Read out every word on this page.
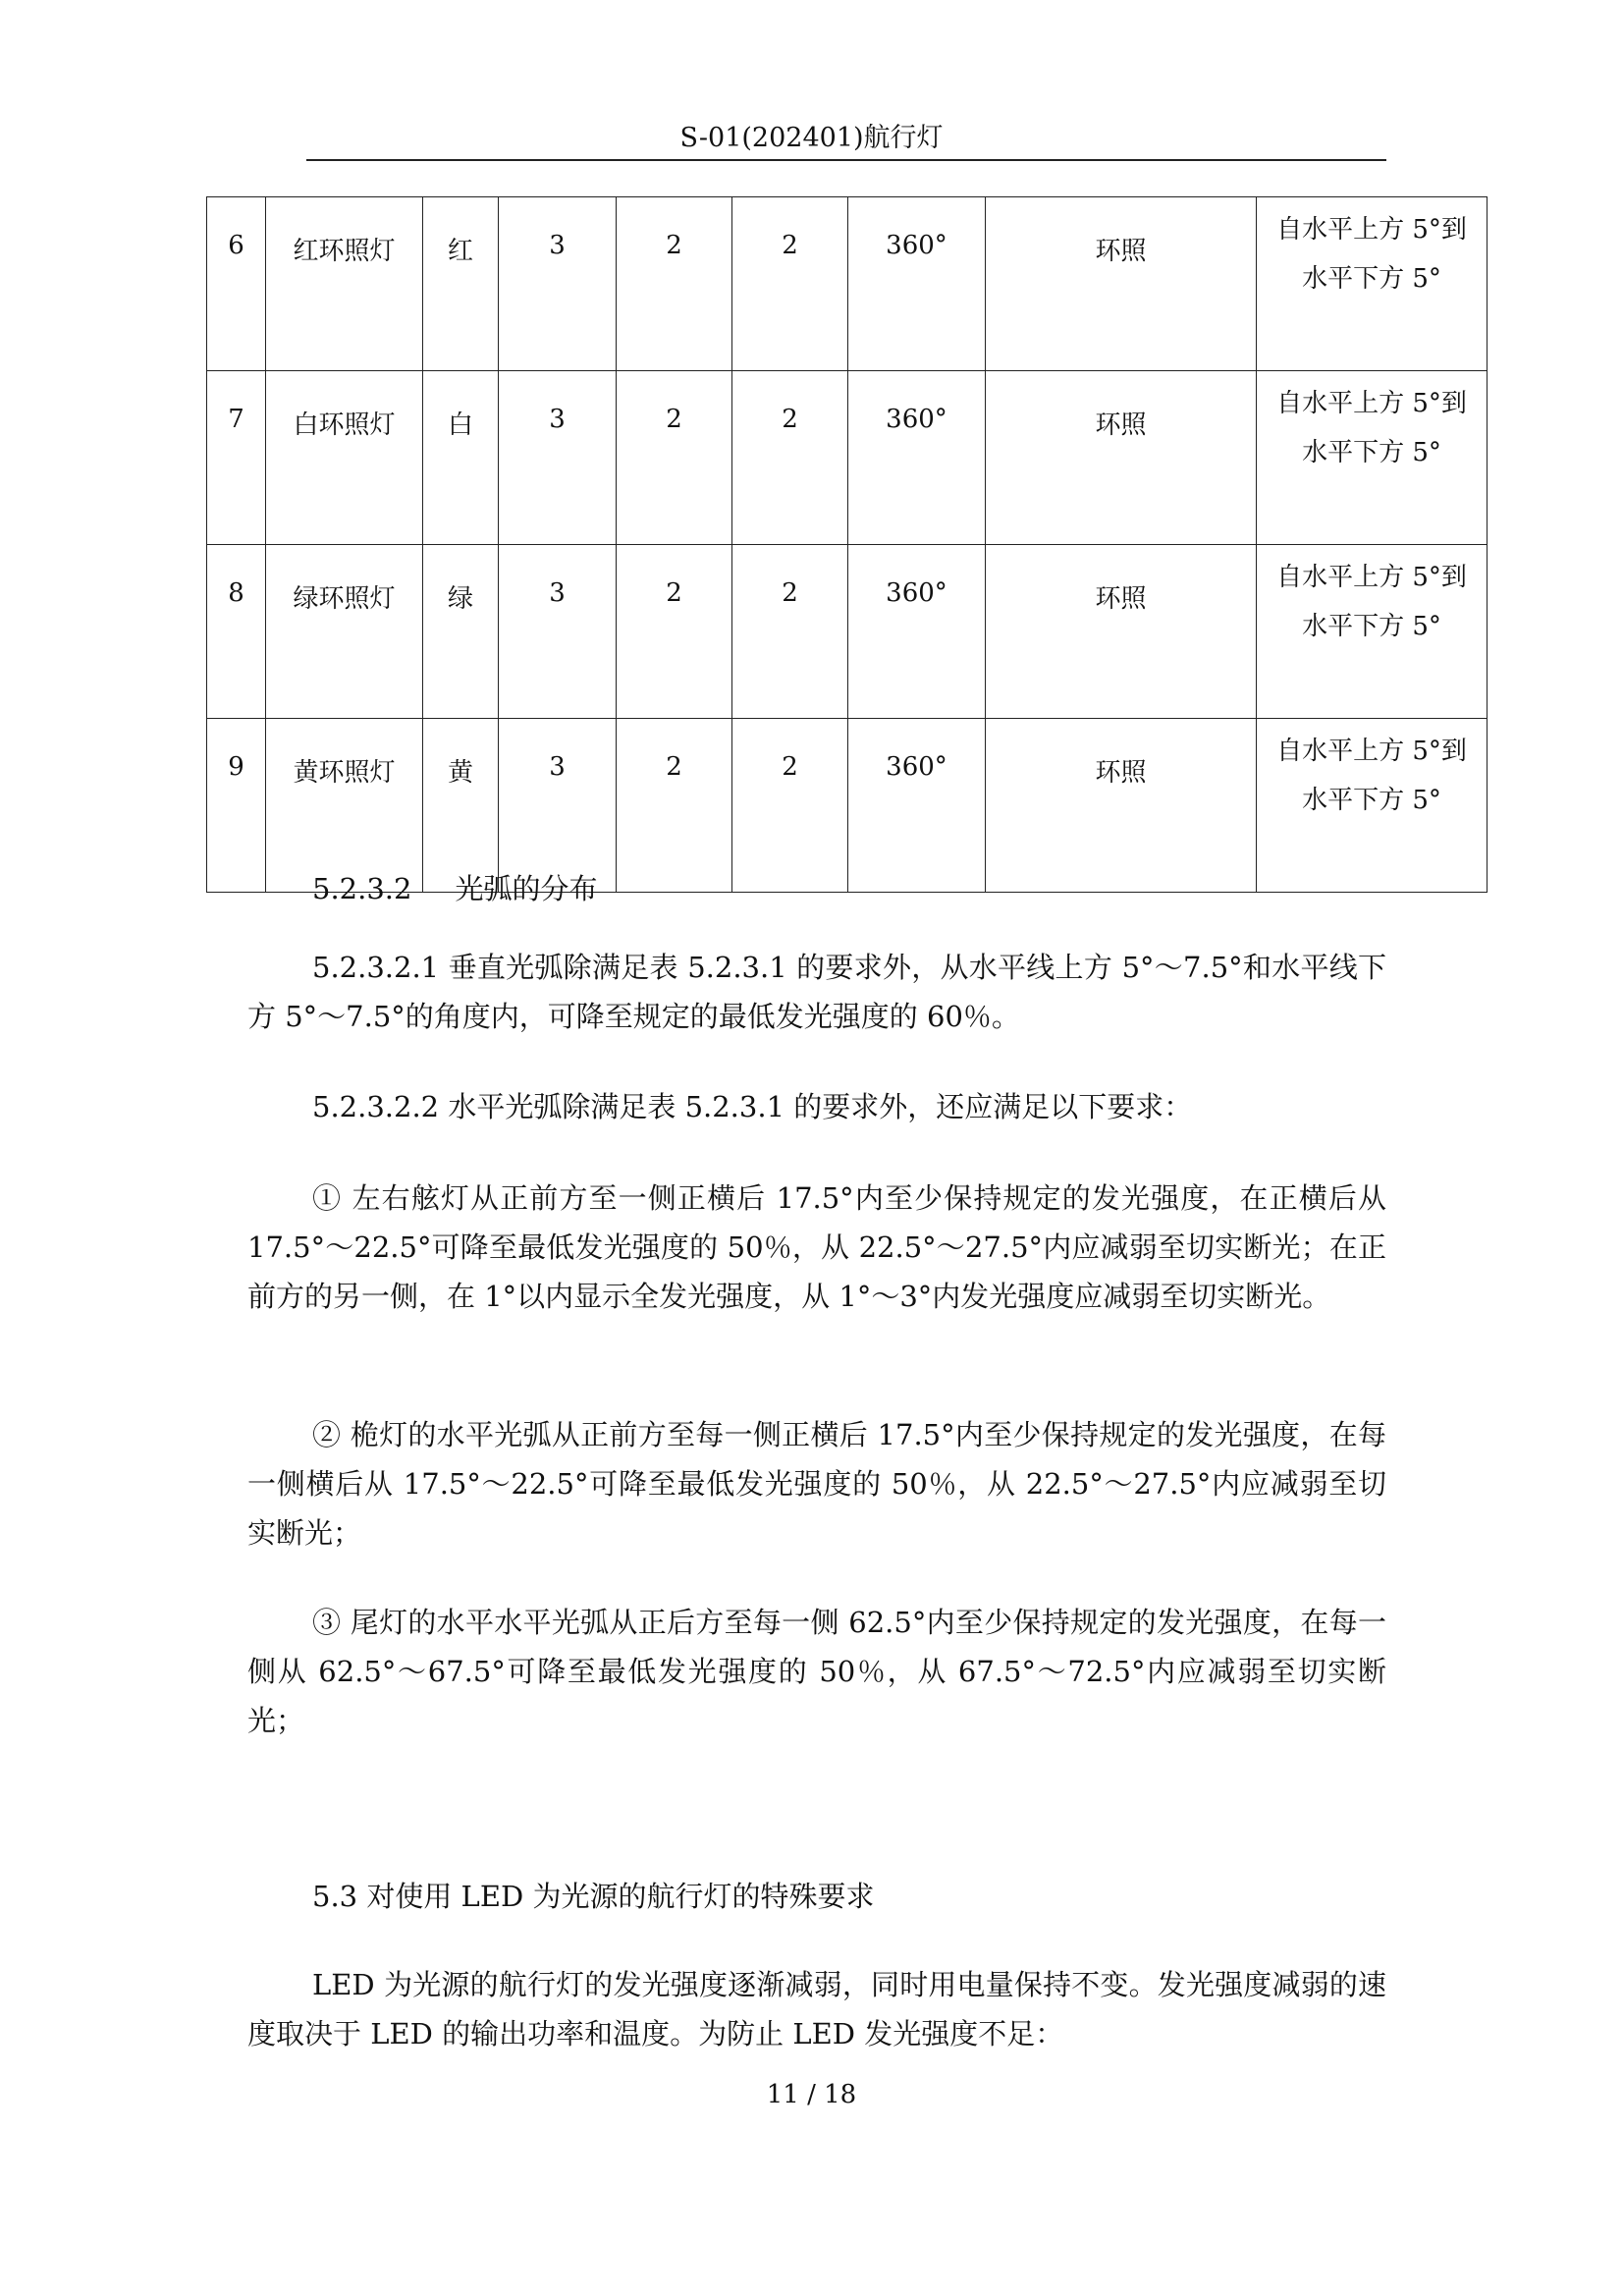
S-01(202401)航行灯
6	红环照灯	红	3	2	2	360°	环照	自水平上方 5°到
水平下方 5°

7	白环照灯	白	3	2	2	360°	环照	自水平上方 5°到
水平下方 5°

8	绿环照灯	绿	3	2	2	360°	环照	自水平上方 5°到
水平下方 5°

9	黄环照灯	黄	3	2	2	360°	环照	自水平上方 5°到
水平下方 5°
5.2.3.2 光弧的分布
5.2.3.2.1 垂直光弧除满足表 5.2.3.1 的要求外，从水平线上方 5°～7.5°和水平线下方 5°～7.5°的角度内，可降至规定的最低发光强度的 60％。
5.2.3.2.2 水平光弧除满足表 5.2.3.1 的要求外，还应满足以下要求：
① 左右舷灯从正前方至一侧正横后 17.5°内至少保持规定的发光强度，在正横后从 17.5°～22.5°可降至最低发光强度的 50％，从 22.5°～27.5°内应减弱至切实断光；在正前方的另一侧，在 1°以内显示全发光强度，从 1°～3°内发光强度应减弱至切实断光。
② 桅灯的水平光弧从正前方至每一侧正横后 17.5°内至少保持规定的发光强度，在每一侧横后从 17.5°～22.5°可降至最低发光强度的 50％，从 22.5°～27.5°内应减弱至切实断光；
③ 尾灯的水平水平光弧从正后方至每一侧 62.5°内至少保持规定的发光强度，在每一侧从 62.5°～67.5°可降至最低发光强度的 50％，从 67.5°～72.5°内应减弱至切实断光；
5.3 对使用 LED 为光源的航行灯的特殊要求
LED 为光源的航行灯的发光强度逐渐减弱，同时用电量保持不变。发光强度减弱的速度取决于 LED 的输出功率和温度。为防止 LED 发光强度不足：
11 / 18
